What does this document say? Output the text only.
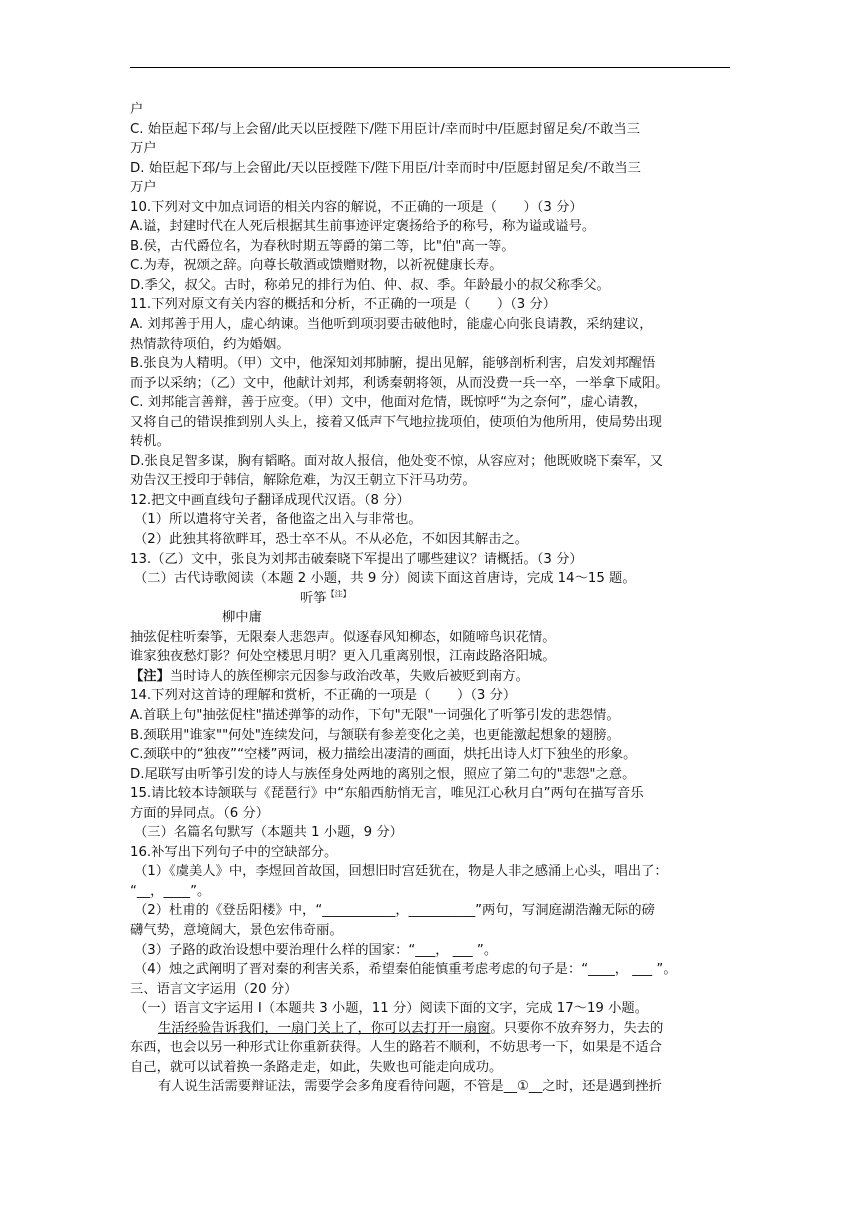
户
C. 始臣起下邳/与上会留/此天以臣授陛下/陛下用臣计/幸而时中/臣愿封留足矣/不敢当三
万户
D. 始臣起下邳/与上会留此/天以臣授陛下/陛下用臣/计幸而时中/臣愿封留足矣/不敢当三
万户
10.下列对文中加点词语的相关内容的解说，不正确的一项是（　　）（3 分）
A.谥，封建时代在人死后根据其生前事迹评定褒扬给予的称号，称为谥或谥号。
B.侯，古代爵位名，为春秋时期五等爵的第二等，比"伯"高一等。
C.为寿，祝颂之辞。向尊长敬酒或馈赠财物，以祈祝健康长寿。
D.季父，叔父。古时，称弟兄的排行为伯、仲、叔、季。年龄最小的叔父称季父。
11.下列对原文有关内容的概括和分析，不正确的一项是（　　）（3 分）
A. 刘邦善于用人，虚心纳谏。当他听到项羽要击破他时，能虚心向张良请教，采纳建议，
热情款待项伯，约为婚姻。
B.张良为人精明。（甲）文中，他深知刘邦肺腑，提出见解，能够剖析利害，启发刘邦醒悟
而予以采纳；（乙）文中，他献计刘邦，利诱秦朝将领，从而没费一兵一卒，一举拿下咸阳。
C. 刘邦能言善辩，善于应变。（甲）文中，他面对危情，既惊呼“为之奈何”，虚心请教，
又将自己的错误推到别人头上，接着又低声下气地拉拢项伯，使项伯为他所用，使局势出现
转机。
D.张良足智多谋，胸有韬略。面对故人报信，他处变不惊，从容应对；他既败晓下秦军，又
劝告汉王授印于韩信，解除危难，为汉王朝立下汗马功劳。
12.把文中画直线句子翻译成现代汉语。（8 分）
（1）所以遣将守关者，备他盗之出入与非常也。
（2）此独其将欲畔耳，恐士卒不从。不从必危，不如因其解击之。
13.（乙）文中，张良为刘邦击破秦晓下军提出了哪些建议？请概括。（3 分）
（二）古代诗歌阅读（本题 2 小题，共 9 分）阅读下面这首唐诗，完成 14～15 题。
听筝$^{【注】}$
柳中庸
抽弦促柱听秦筝，无限秦人悲怨声。似逐春风知柳态，如随啼鸟识花情。
谁家独夜愁灯影？何处空楼思月明？更入几重离别恨，江南歧路洛阳城。
【注】当时诗人的族侄柳宗元因参与政治改革，失败后被贬到南方。
14.下列对这首诗的理解和赏析，不正确的一项是（　　）（3 分）
A.首联上句"抽弦促柱"描述弹筝的动作，下句"无限"一词强化了听筝引发的悲怨情。
B.颈联用"谁家""何处"连续发问，与颔联有参差变化之美，也更能激起想象的翅膀。
C.颈联中的“独夜”“空楼”两词，极力描绘出凄清的画面，烘托出诗人灯下独坐的形象。
D.尾联写由听筝引发的诗人与族侄身处两地的离别之恨，照应了第二句的"悲怨"之意。
15.请比较本诗颔联与《琵琶行》中“东船西舫悄无言，唯见江心秋月白”两句在描写音乐
方面的异同点。（6 分）
（三）名篇名句默写（本题共 1 小题，9 分）
16.补写出下列句子中的空缺部分。
（1）《虞美人》中，李煜回首故国，回想旧时宫廷犹在，物是人非之感涌上心头，唱出了：
“__，____”。
（2）杜甫的《登岳阳楼》中，“___________，__________”两句，写洞庭湖浩瀚无际的磅
礴气势，意境阔大，景色宏伟奇丽。
（3）子路的政治设想中要治理什么样的国家：“___， ___ ”。
（4）烛之武阐明了晋对秦的利害关系，希望秦伯能慎重考虑考虑的句子是：“____， ___ ”。
三、语言文字运用（20 分）
（一）语言文字运用 I（本题共 3 小题，11 分）阅读下面的文字，完成 17～19 小题。
生活经验告诉我们，一扇门关上了，你可以去打开一扇窗。只要你不放弃努力，失去的
东西，也会以另一种形式让你重新获得。人生的路若不顺利，不妨思考一下，如果是不适合
自己，就可以试着换一条路走走，如此，失败也可能走向成功。
有人说生活需要辩证法，需要学会多角度看待问题，不管是__①__之时，还是遇到挫折
